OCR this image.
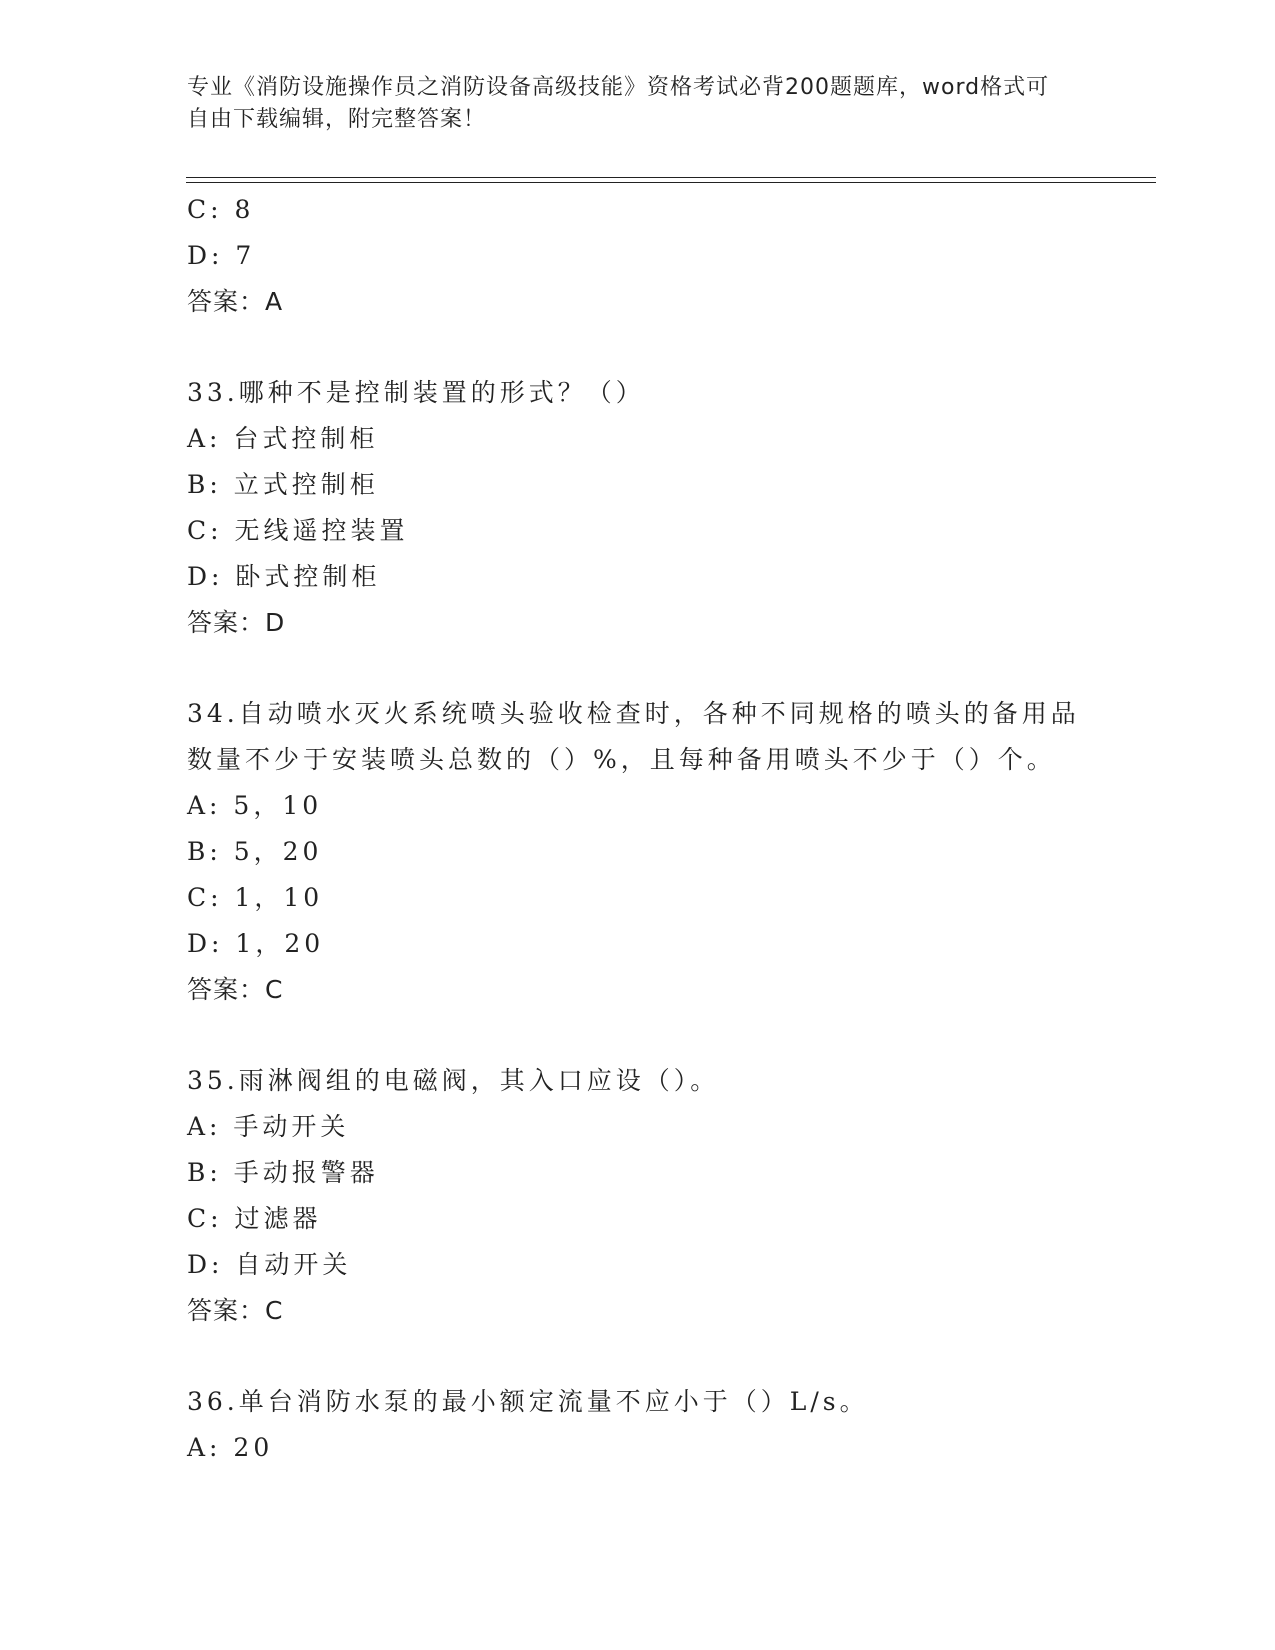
专业《消防设施操作员之消防设备高级技能》资格考试必背200题题库，word格式可自由下载编辑，附完整答案！
C: 8
D: 7
答案：A
33.哪种不是控制装置的形式？（）
A: 台式控制柜
B: 立式控制柜
C: 无线遥控装置
D: 卧式控制柜
答案：D
34.自动喷水灭火系统喷头验收检查时，各种不同规格的喷头的备用品数量不少于安装喷头总数的（）%，且每种备用喷头不少于（）个。
A: 5，10
B: 5，20
C: 1，10
D: 1，20
答案：C
35.雨淋阀组的电磁阀，其入口应设（）。
A: 手动开关
B: 手动报警器
C: 过滤器
D: 自动开关
答案：C
36.单台消防水泵的最小额定流量不应小于（）L/s。
A: 20
